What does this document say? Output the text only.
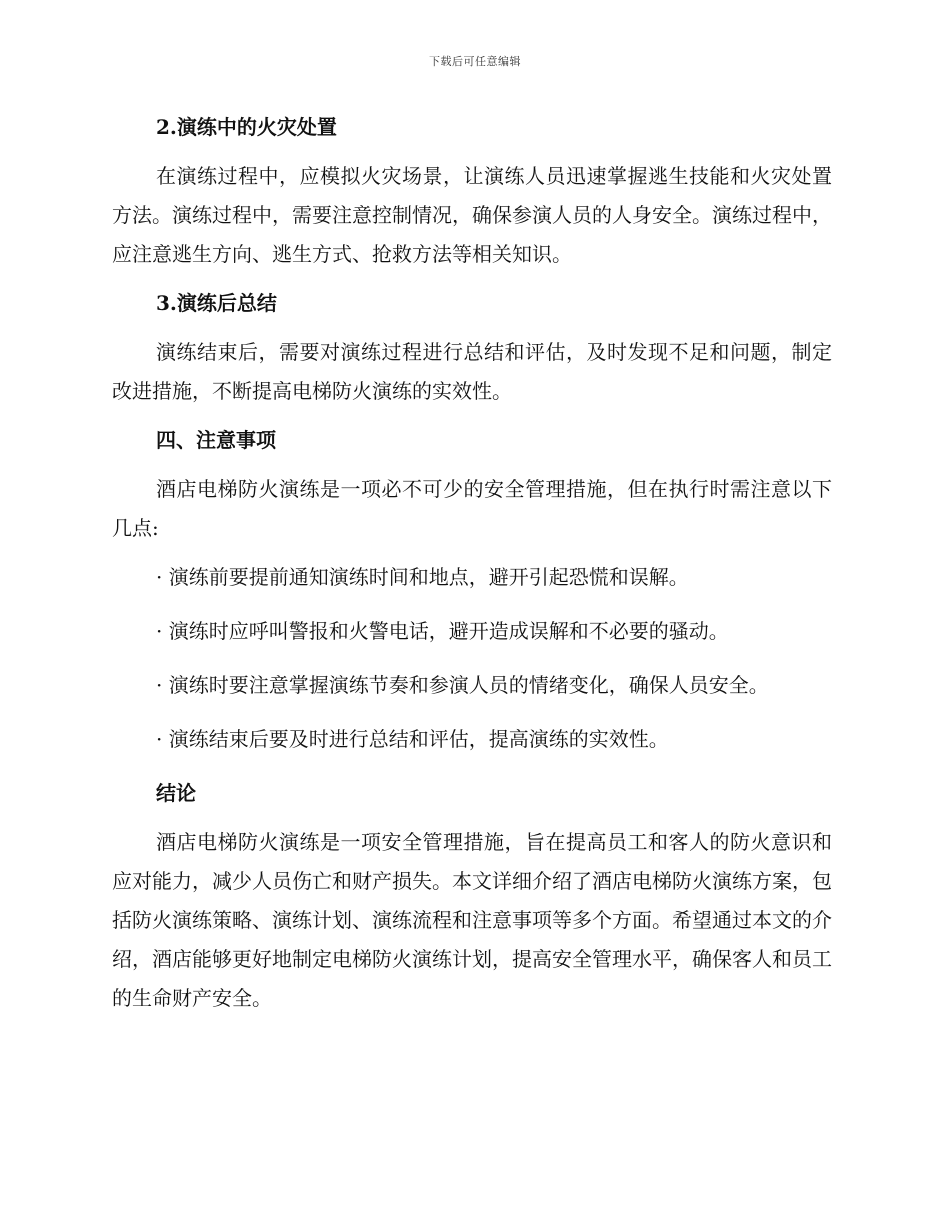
下载后可任意编辑
2.演练中的火灾处置
在演练过程中，应模拟火灾场景，让演练人员迅速掌握逃生技能和火灾处置方法。演练过程中，需要注意控制情况，确保参演人员的人身安全。演练过程中，应注意逃生方向、逃生方式、抢救方法等相关知识。
3.演练后总结
演练结束后，需要对演练过程进行总结和评估，及时发现不足和问题，制定改进措施，不断提高电梯防火演练的实效性。
四、注意事项
酒店电梯防火演练是一项必不可少的安全管理措施，但在执行时需注意以下几点:
· 演练前要提前通知演练时间和地点，避开引起恐慌和误解。
· 演练时应呼叫警报和火警电话，避开造成误解和不必要的骚动。
· 演练时要注意掌握演练节奏和参演人员的情绪变化，确保人员安全。
· 演练结束后要及时进行总结和评估，提高演练的实效性。
结论
酒店电梯防火演练是一项安全管理措施，旨在提高员工和客人的防火意识和应对能力，减少人员伤亡和财产损失。本文详细介绍了酒店电梯防火演练方案，包括防火演练策略、演练计划、演练流程和注意事项等多个方面。希望通过本文的介绍，酒店能够更好地制定电梯防火演练计划，提高安全管理水平，确保客人和员工的生命财产安全。
